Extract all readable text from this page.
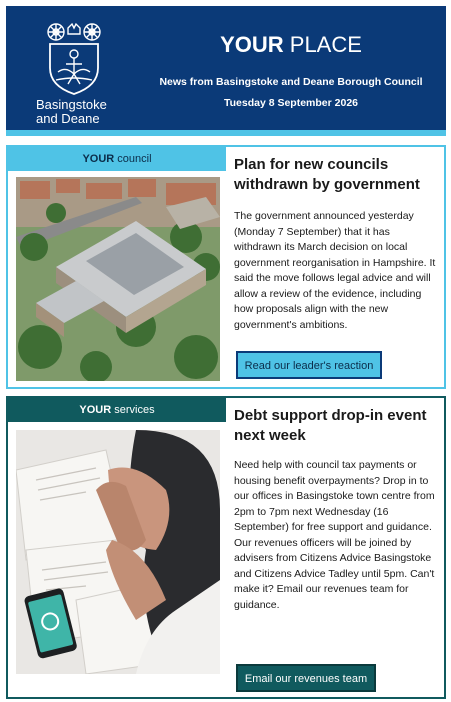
Basingstoke
and Deane
YOUR PLACE
News from Basingstoke and Deane Borough Council
Tuesday 8 September 2026
YOUR council	Plan for new councils withdrawn by government
The government announced yesterday (Monday 7 September) that it has withdrawn its March decision on local government reorganisation in Hampshire. It said the move follows legal advice and will allow a review of the evidence, including how proposals align with the new government's ambitions.
Read our leader's reaction
YOUR services	Debt support drop-in event next week

Need help with council tax payments or housing benefit overpayments? Drop in to our offices in Basingstoke town centre from 2pm to 7pm next Wednesday (16 September) for free support and guidance.

Our revenues officers will be joined by advisers from Citizens Advice Basingstoke and Citizens Advice Tadley until 5pm. Can't make it? Email our revenues team for guidance.

Email our revenues team
